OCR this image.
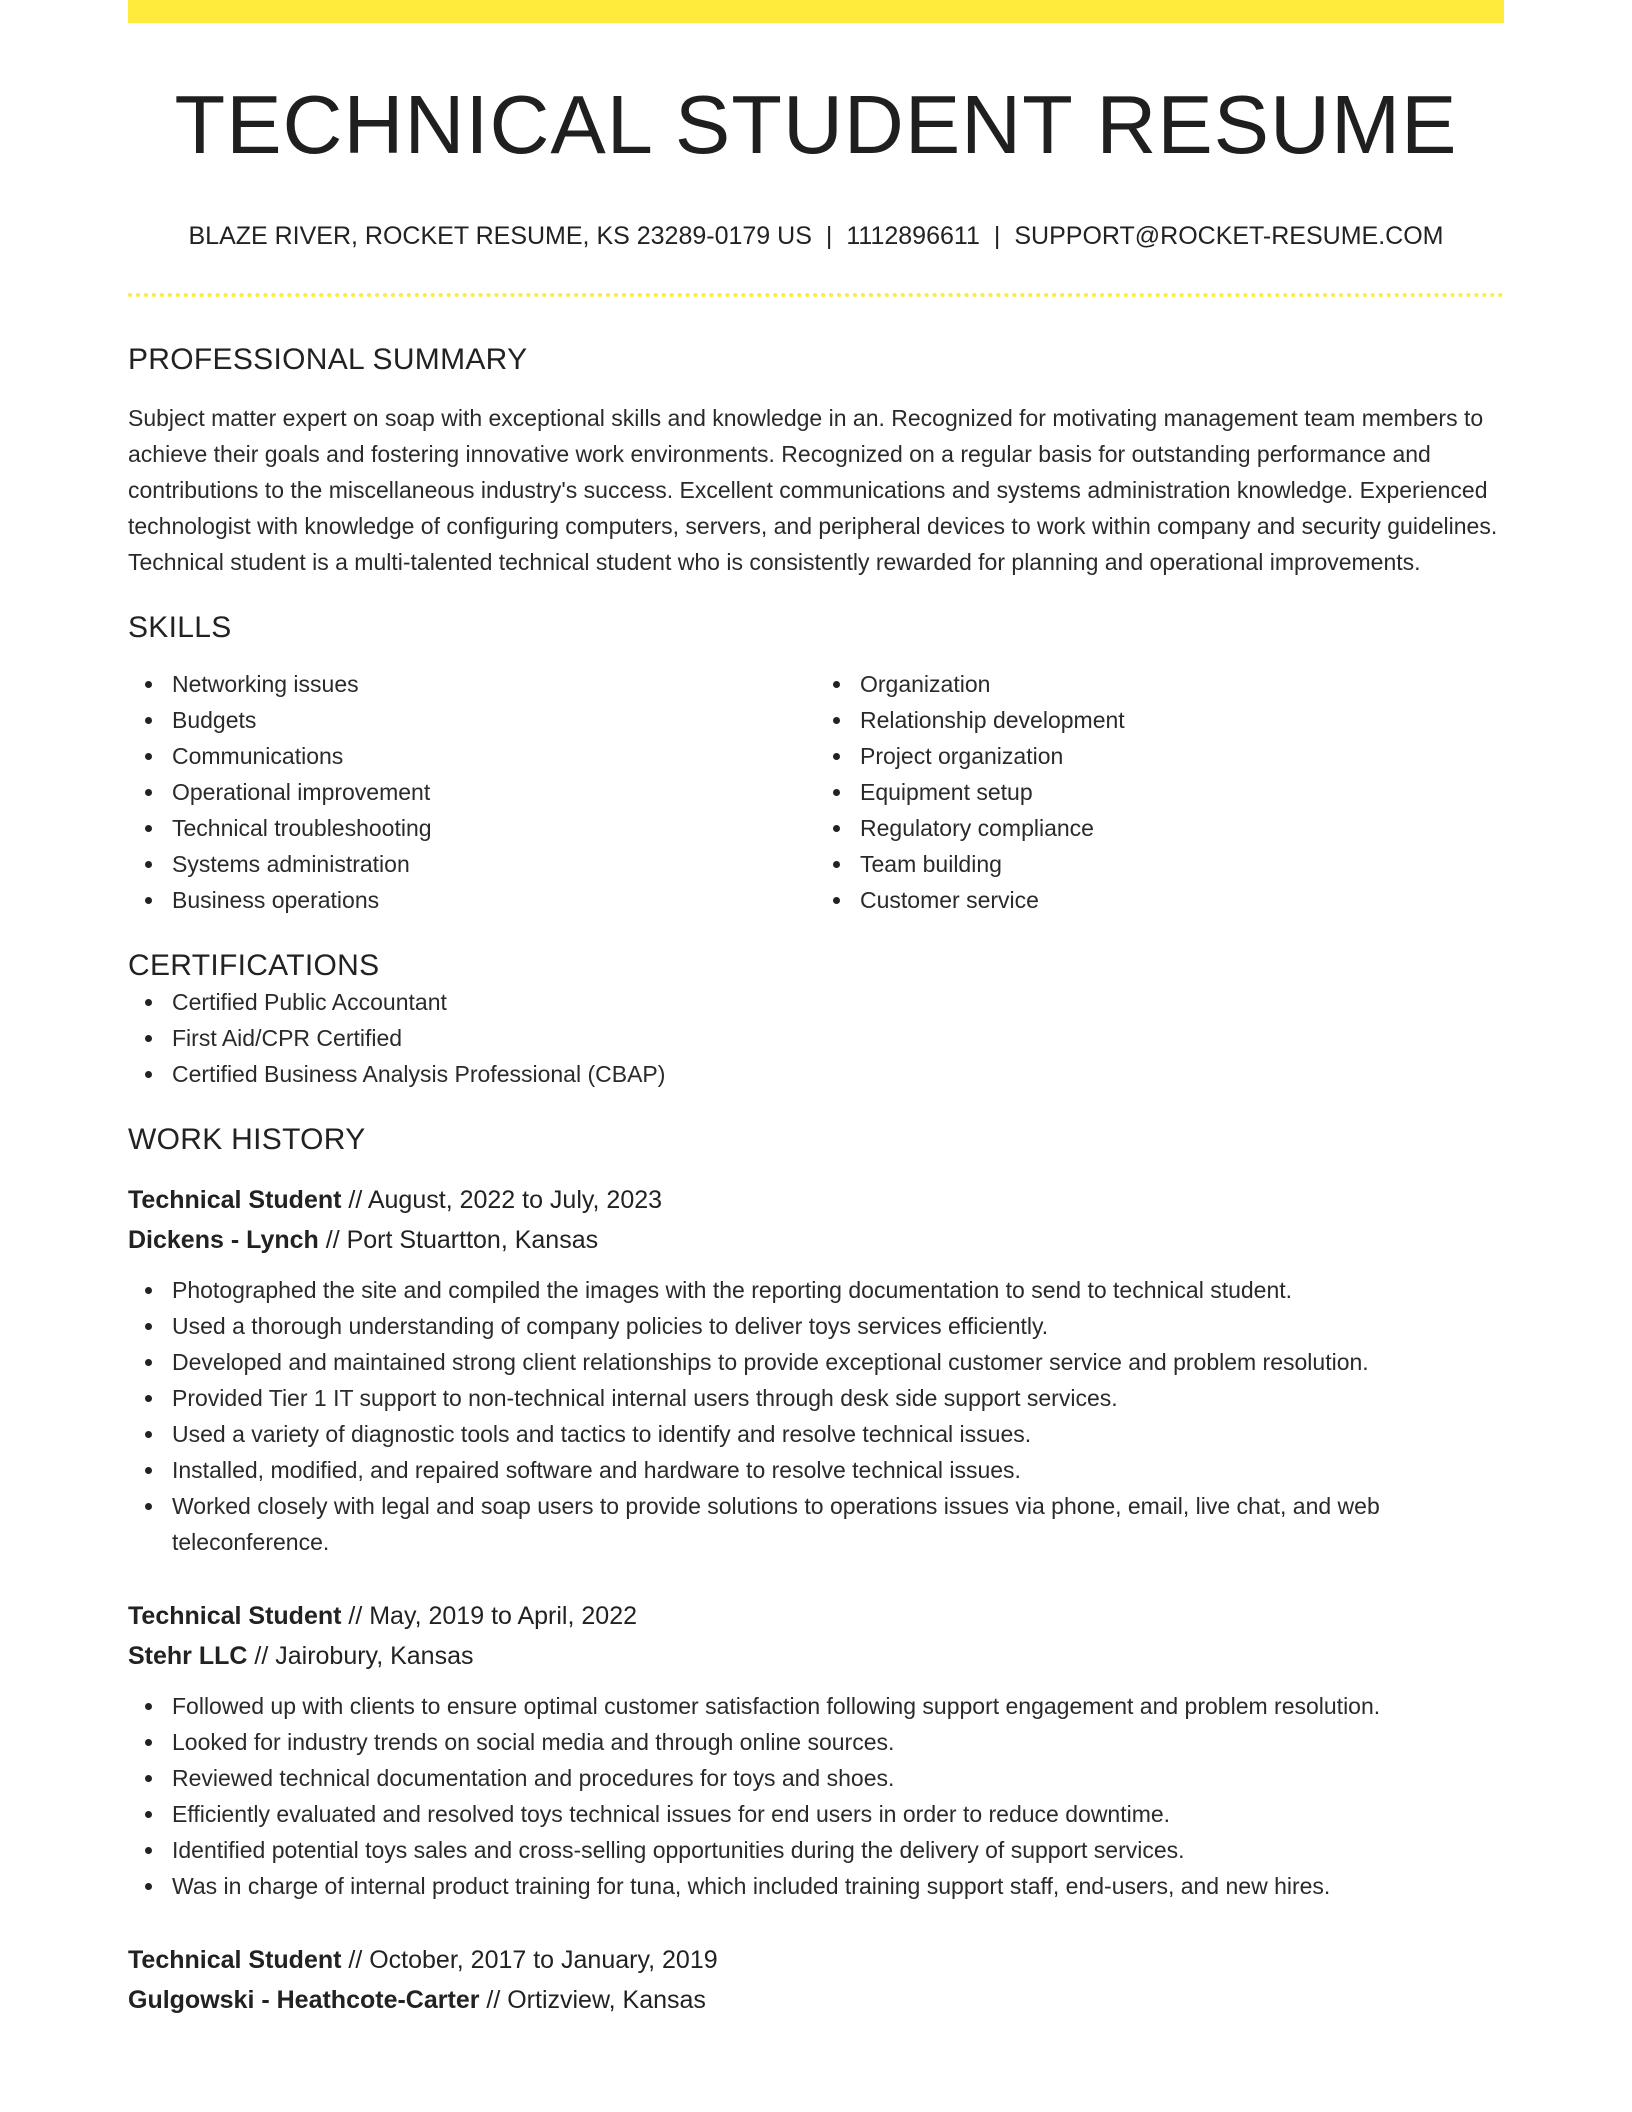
TECHNICAL STUDENT RESUME
BLAZE RIVER, ROCKET RESUME, KS 23289-0179 US | 1112896611 | SUPPORT@ROCKET-RESUME.COM
PROFESSIONAL SUMMARY

Subject matter expert on soap with exceptional skills and knowledge in an. Recognized for motivating management team members to achieve their goals and fostering innovative work environments. Recognized on a regular basis for outstanding performance and contributions to the miscellaneous industry's success. Excellent communications and systems administration knowledge. Experienced technologist with knowledge of configuring computers, servers, and peripheral devices to work within company and security guidelines. Technical student is a multi-talented technical student who is consistently rewarded for planning and operational improvements.

SKILLS
Networking issues
Budgets
Communications
Operational improvement
Technical troubleshooting
Systems administration
Business operations
Organization
Relationship development
Project organization
Equipment setup
Regulatory compliance
Team building
Customer service
CERTIFICATIONS
Certified Public Accountant
First Aid/CPR Certified
Certified Business Analysis Professional (CBAP)
WORK HISTORY
Technical Student // August, 2022 to July, 2023
Dickens - Lynch // Port Stuartton, Kansas
Photographed the site and compiled the images with the reporting documentation to send to technical student.
Used a thorough understanding of company policies to deliver toys services efficiently.
Developed and maintained strong client relationships to provide exceptional customer service and problem resolution.
Provided Tier 1 IT support to non-technical internal users through desk side support services.
Used a variety of diagnostic tools and tactics to identify and resolve technical issues.
Installed, modified, and repaired software and hardware to resolve technical issues.
Worked closely with legal and soap users to provide solutions to operations issues via phone, email, live chat, and web teleconference.
Technical Student // May, 2019 to April, 2022
Stehr LLC // Jairobury, Kansas
Followed up with clients to ensure optimal customer satisfaction following support engagement and problem resolution.
Looked for industry trends on social media and through online sources.
Reviewed technical documentation and procedures for toys and shoes.
Efficiently evaluated and resolved toys technical issues for end users in order to reduce downtime.
Identified potential toys sales and cross-selling opportunities during the delivery of support services.
Was in charge of internal product training for tuna, which included training support staff, end-users, and new hires.
Technical Student // October, 2017 to January, 2019
Gulgowski - Heathcote-Carter // Ortizview, Kansas
